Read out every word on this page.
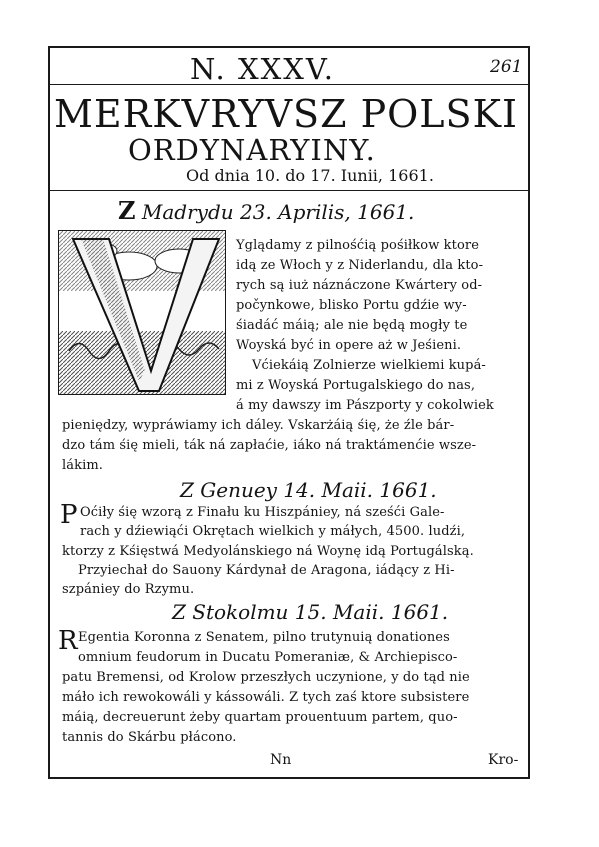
N. XXXV.	261
MERKVRYVSZ POLSKI
ORDYNARYINY.
Od dnia 10. do 17. Iunii, 1661.
Z Madrydu 23. Aprilis, 1661.
Yglądamy z pilnośćią pośiłkow ktore
idą ze Włoch y z Niderlandu, dla kto-
rych są iuż náznáczone Kwártery od-
počynkowe, blisko Portu gdźie wy-
śiadáć máią; ale nie będą mogły te
Woyská być in opere aż w Jeśieni.
Vćiekáią Zolnierze wielkiemi kupá-
mi z Woyská Portugalskiego do nas,
á my dawszy im Pászporty y cokolwiek
pieniędzy, wypráwiamy ich dáley. Vskarżáią śię, że źle bár-
dzo tám śię mieli, ták ná zapłaćie, iáko ná traktámenćie wsze-
lákim.
Z Genuey 14. Maii. 1661.
P Oćiły śię wzorą z Finału ku Hiszpániey, ná sześći Gale-
rach y dźiewiąći Okrętach wielkich y máłych, 4500. ludźi,
ktorzy z Kśięstwá Medyolánskiego ná Woynę idą Portugálską.
Przyiechał do Sauony Kárdynał de Aragona, iádący z Hi-
szpániey do Rzymu.
Z Stokolmu 15. Maii. 1661.
R Egentia Koronna z Senatem, pilno trutynuią donationes
omnium feudorum in Ducatu Pomeraniæ, & Archiepisco-
patu Bremensi, od Krolow przeszłych uczynione, y do tąd nie
máło ich rewokowáli y kássowáli. Z tych zaś ktore subsistere
máią, decreuerunt żeby quartam prouentuum partem, quo-
tannis do Skárbu płácono.
Nn	Kro-
